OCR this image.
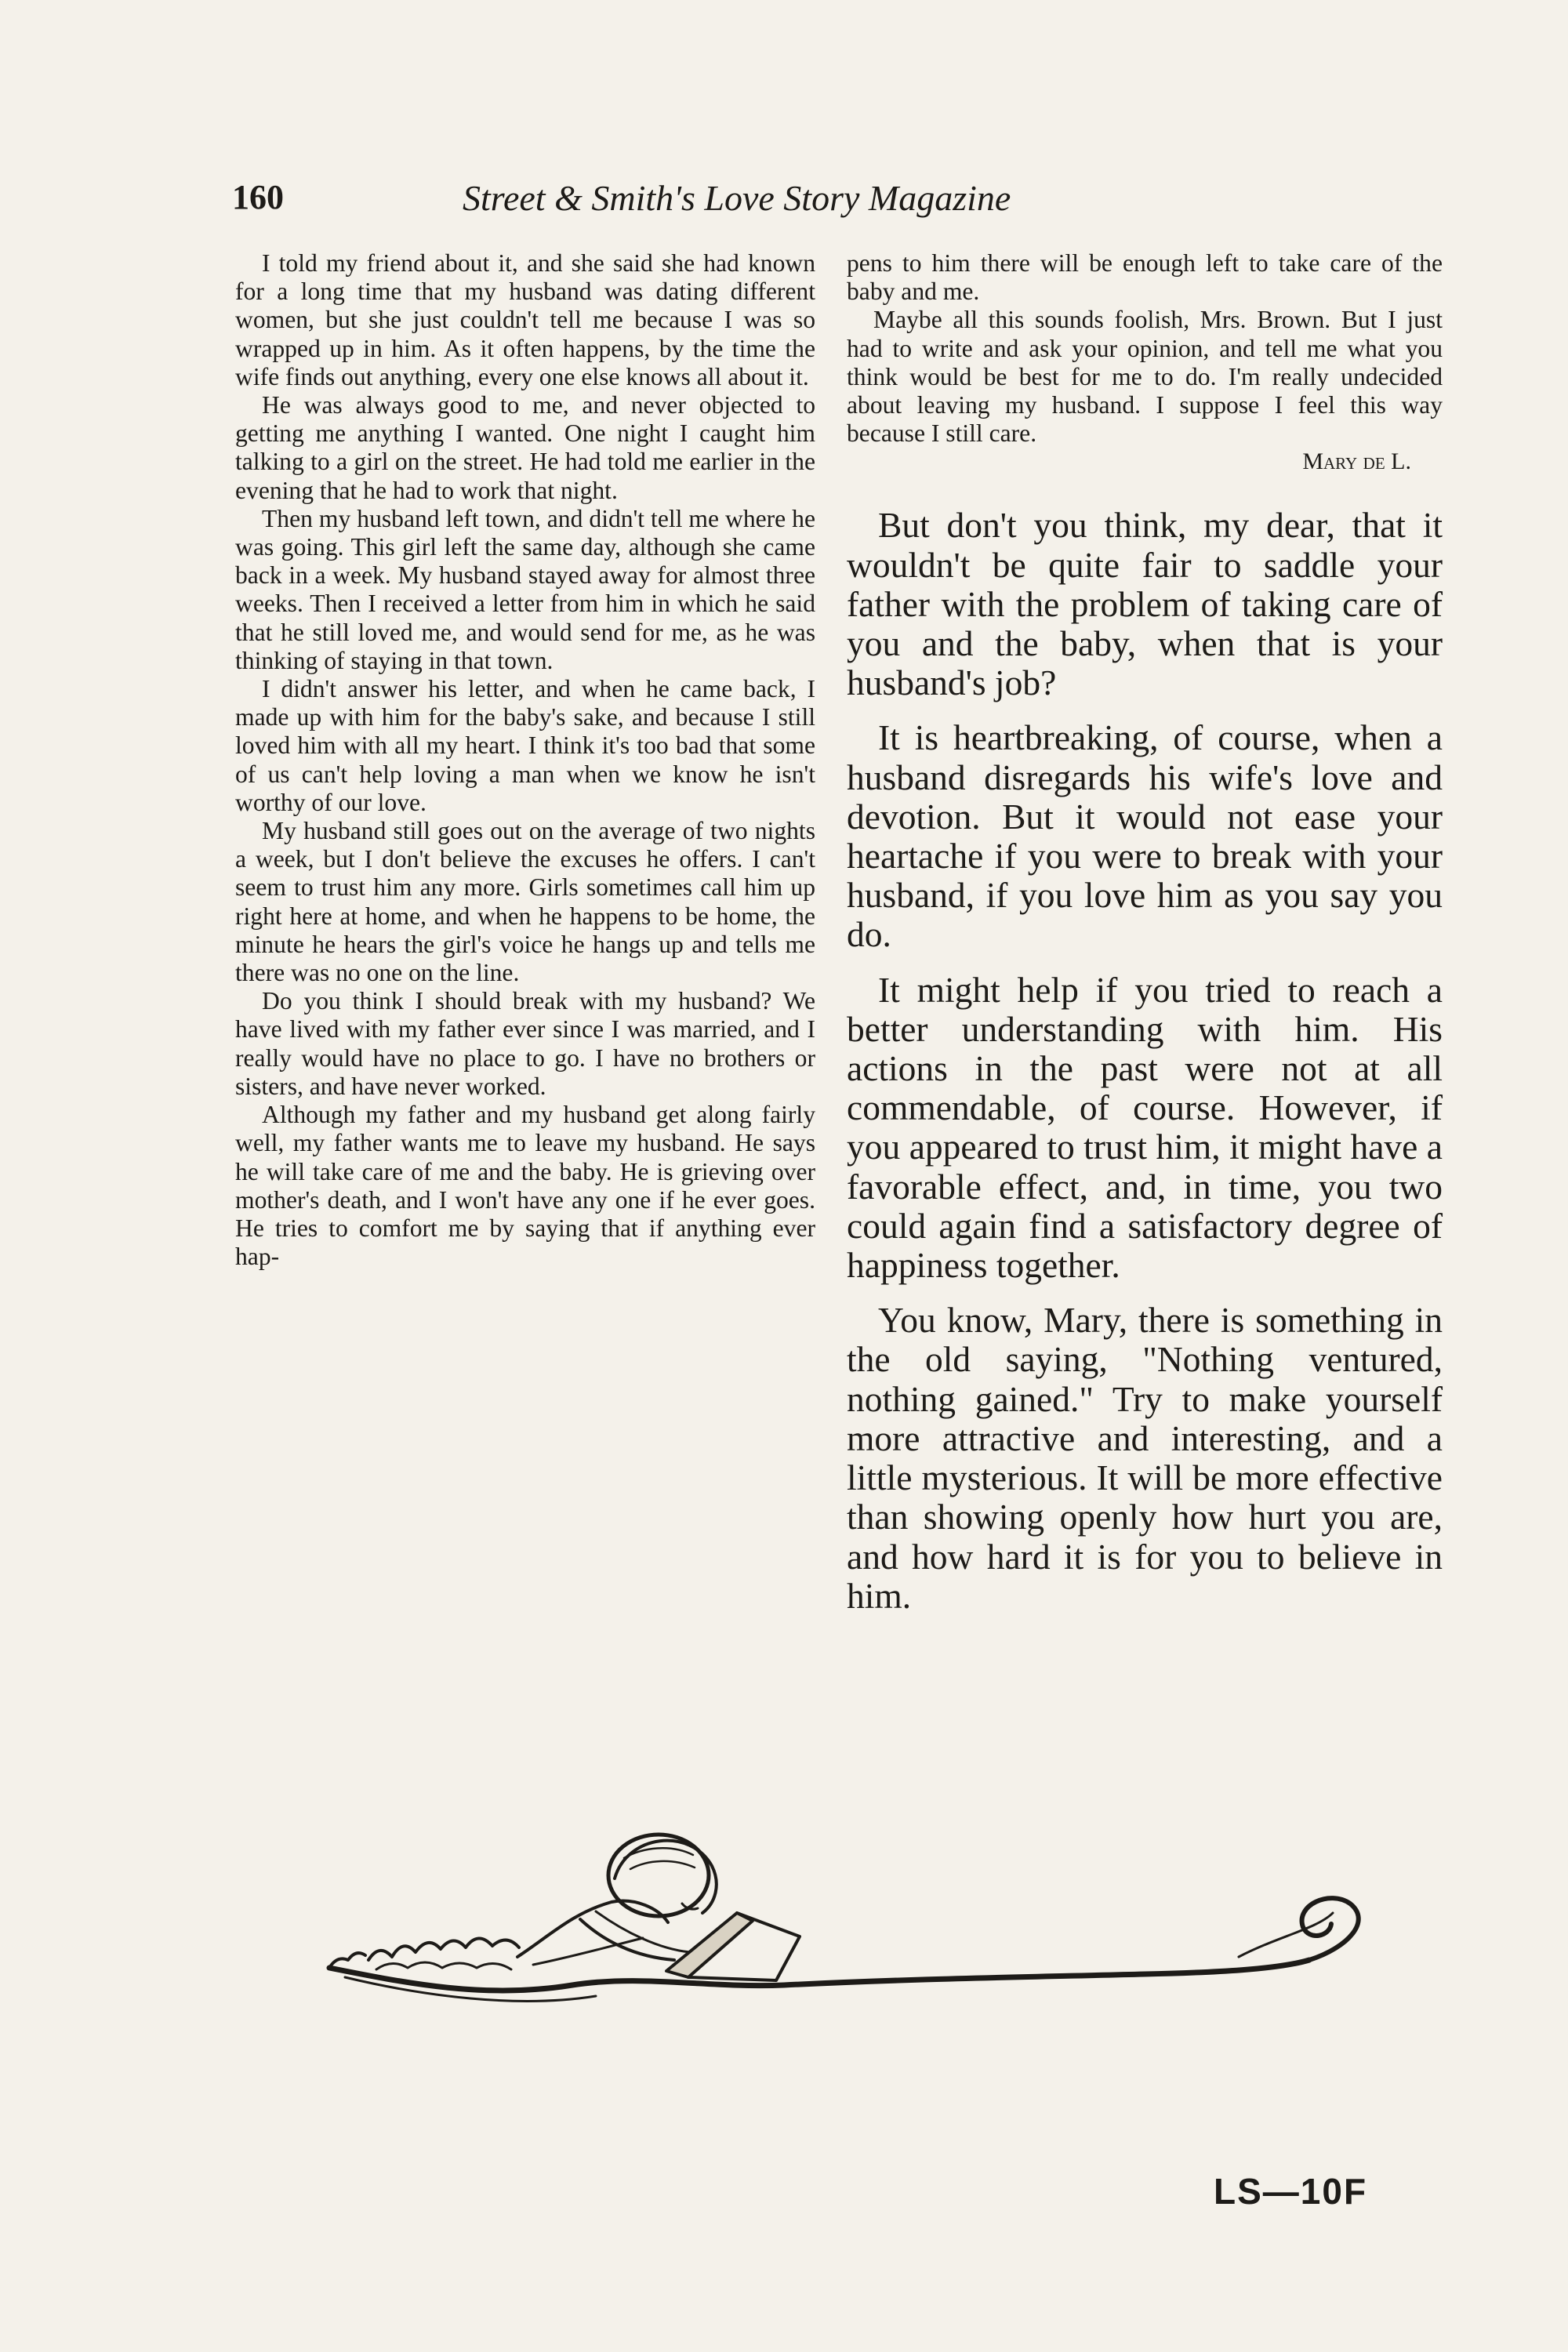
160	Street & Smith's Love Story Magazine

I told my friend about it, and she said she had known for a long time that my husband was dating different women, but she just couldn't tell me because I was so wrapped up in him. As it often happens, by the time the wife finds out anything, every one else knows all about it.

He was always good to me, and never objected to getting me anything I wanted. One night I caught him talking to a girl on the street. He had told me earlier in the evening that he had to work that night.

Then my husband left town, and didn't tell me where he was going. This girl left the same day, although she came back in a week. My husband stayed away for almost three weeks. Then I received a letter from him in which he said that he still loved me, and would send for me, as he was thinking of staying in that town.

I didn't answer his letter, and when he came back, I made up with him for the baby's sake, and because I still loved him with all my heart. I think it's too bad that some of us can't help loving a man when we know he isn't worthy of our love.

My husband still goes out on the average of two nights a week, but I don't believe the excuses he offers. I can't seem to trust him any more. Girls sometimes call him up right here at home, and when he happens to be home, the minute he hears the girl's voice he hangs up and tells me there was no one on the line.

Do you think I should break with my husband? We have lived with my father ever since I was married, and I really would have no place to go. I have no brothers or sisters, and have never worked.

Although my father and my husband get along fairly well, my father wants me to leave my husband. He says he will take care of me and the baby. He is grieving over mother's death, and I won't have any one if he ever goes. He tries to comfort me by saying that if anything ever hap-

pens to him there will be enough left to take care of the baby and me.

Maybe all this sounds foolish, Mrs. Brown. But I just had to write and ask your opinion, and tell me what you think would be best for me to do. I'm really undecided about leaving my husband. I suppose I feel this way because I still care.

Mary de L.

But don't you think, my dear, that it wouldn't be quite fair to saddle your father with the problem of taking care of you and the baby, when that is your husband's job?

It is heartbreaking, of course, when a husband disregards his wife's love and devotion. But it would not ease your heartache if you were to break with your husband, if you love him as you say you do.

It might help if you tried to reach a better understanding with him. His actions in the past were not at all commendable, of course. However, if you appeared to trust him, it might have a favorable effect, and, in time, you two could again find a satisfactory degree of happiness together.

You know, Mary, there is something in the old saying, "Nothing ventured, nothing gained." Try to make yourself more attractive and interesting, and a little mysterious. It will be more effective than showing openly how hurt you are, and how hard it is for you to believe in him.

LS—10F
